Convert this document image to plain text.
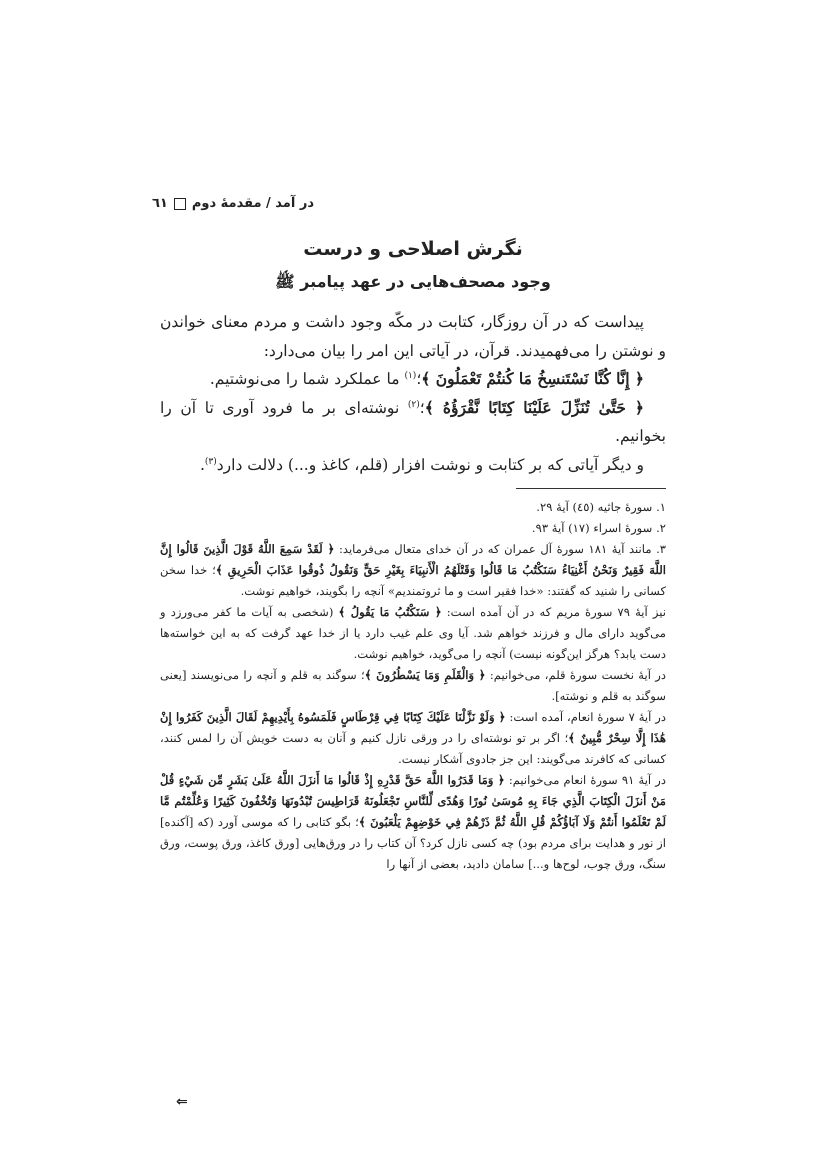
در آمد / مقدمهٔ دوم
٦١
نگرش اصلاحی و درست
وجود مصحف‌هایی در عهد پیامبر ﷺ

پیداست که در آن روزگار، کتابت در مکّه وجود داشت و مردم معنای خواندن و نوشتن را می‌فهمیدند. قرآن، در آیاتی این امر را بیان می‌دارد:

﴿ إِنَّا كُنَّا نَسْتَنسِخُ مَا كُنتُمْ تَعْمَلُونَ ﴾؛$^{(١)}$ ما عملکرد شما را می‌نوشتیم.

﴿ حَتَّىٰ تُنَزِّلَ عَلَيْنَا كِتَابًا نَّقْرَؤُهُ ﴾؛$^{(٢)}$ نوشته‌ای بر ما فرود آوری تا آن را بخوانیم.

و دیگر آیاتی که بر کتابت و نوشت افزار (قلم، کاغذ و...) دلالت دارد$^{(٣)}$.

١. سورهٔ جاثیه (٤٥) آیهٔ ٢٩.

٢. سورهٔ اسراء (١٧) آیهٔ ٩٣.

٣. مانند آیهٔ ١٨١ سورهٔ آل عمران که در آن خدای متعال می‌فرماید: ﴿ لَقَدْ سَمِعَ اللَّهُ قَوْلَ الَّذِينَ قَالُوا إِنَّ اللَّهَ فَقِيرٌ وَنَحْنُ أَغْنِيَاءُ سَنَكْتُبُ مَا قَالُوا وَقَتْلَهُمُ الْأَنبِيَاءَ بِغَيْرِ حَقٍّ وَنَقُولُ ذُوقُوا عَذَابَ الْحَرِيقِ ﴾؛ خدا سخن کسانی را شنید که گفتند: «خدا فقیر است و ما ثروتمندیم» آنچه را بگویند، خواهیم نوشت.

نیز آیهٔ ٧٩ سورهٔ مریم که در آن آمده است: ﴿ سَنَكْتُبُ مَا يَقُولُ ﴾ (شخصی به آیات ما کفر می‌ورزد و می‌گوید دارای مال و فرزند خواهم شد. آیا وی علم غیب دارد یا از خدا عهد گرفت که به این خواسته‌ها دست یابد؟ هرگز این‌گونه نیست) آنچه را می‌گوید، خواهیم نوشت.

در آیهٔ نخست سورهٔ قلم، می‌خوانیم: ﴿ وَالْقَلَمِ وَمَا يَسْطُرُونَ ﴾؛ سوگند به قلم و آنچه را می‌نویسند [یعنی سوگند به قلم و نوشته].

در آیهٔ ٧ سورهٔ انعام، آمده است: ﴿ وَلَوْ نَزَّلْنَا عَلَيْكَ كِتَابًا فِي قِرْطَاسٍ فَلَمَسُوهُ بِأَيْدِيهِمْ لَقَالَ الَّذِينَ كَفَرُوا إِنْ هَٰذَا إِلَّا سِحْرٌ مُّبِينٌ ﴾؛ اگر بر تو نوشته‌ای را در ورقی نازل کنیم و آنان به دست خویش آن را لمس کنند، کسانی که کافرند می‌گویند: این جز جادوی آشکار نیست.

در آیهٔ ٩١ سورهٔ انعام می‌خوانیم: ﴿ وَمَا قَدَرُوا اللَّهَ حَقَّ قَدْرِهِ إِذْ قَالُوا مَا أَنزَلَ اللَّهُ عَلَىٰ بَشَرٍ مِّن شَيْءٍ قُلْ مَنْ أَنزَلَ الْكِتَابَ الَّذِي جَاءَ بِهِ مُوسَىٰ نُورًا وَهُدًى لِّلنَّاسِ تَجْعَلُونَهُ قَرَاطِيسَ تُبْدُونَهَا وَتُخْفُونَ كَثِيرًا وَعُلِّمْتُم مَّا لَمْ تَعْلَمُوا أَنتُمْ وَلَا آبَاؤُكُمْ قُلِ اللَّهُ ثُمَّ ذَرْهُمْ فِي خَوْضِهِمْ يَلْعَبُونَ ﴾؛ بگو کتابی را که موسی آورد (که [آکنده] از نور و هدایت برای مردم بود) چه کسی نازل کرد؟ آن کتاب را در ورق‌هایی [ورق کاغذ، ورق پوست، ورق سنگ، ورق چوب، لوح‌ها و...] سامان دادید، بعضی از آنها را

⇐
